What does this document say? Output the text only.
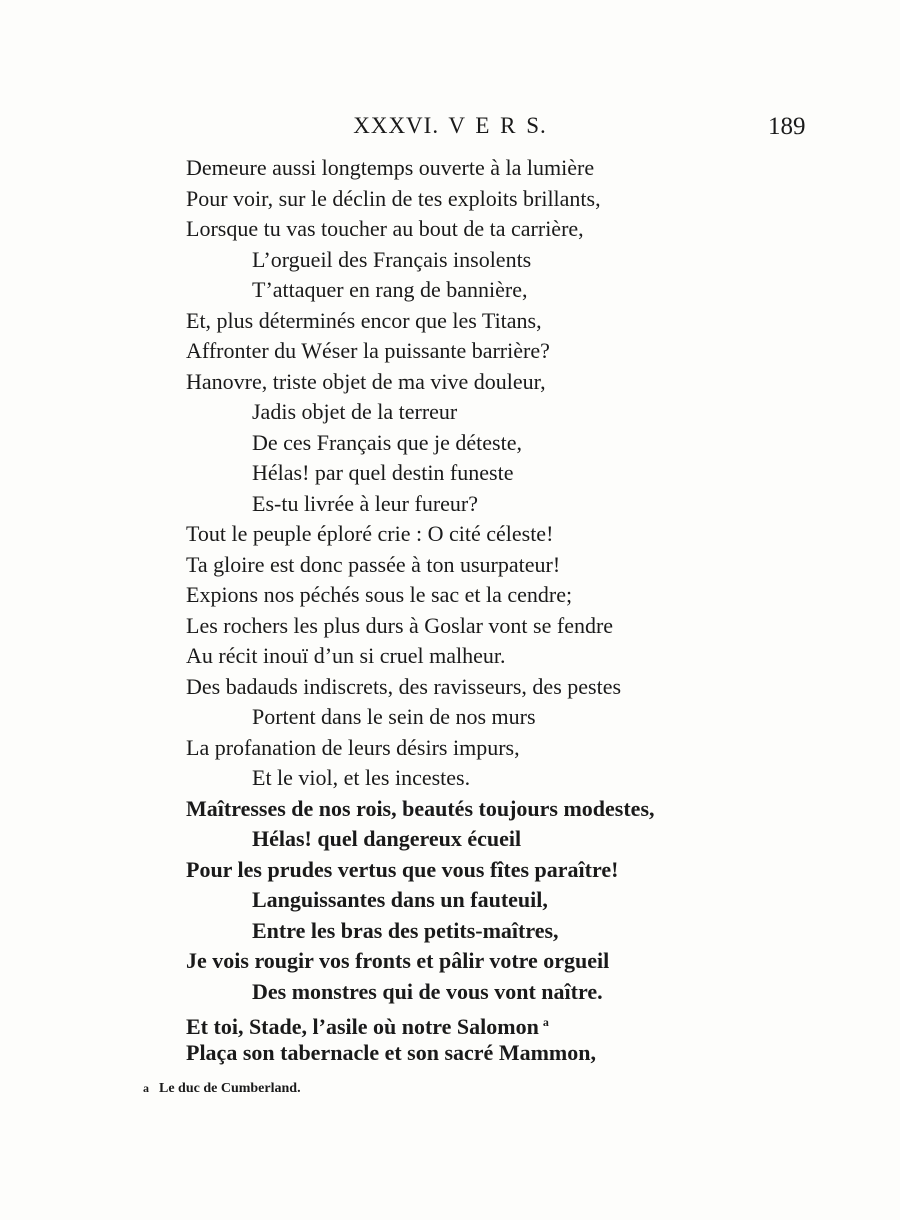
XXXVI. V E R S.	189
Demeure aussi longtemps ouverte à la lumière
Pour voir, sur le déclin de tes exploits brillants,
Lorsque tu vas toucher au bout de ta carrière,
L’orgueil des Français insolents
T’attaquer en rang de bannière,
Et, plus déterminés encor que les Titans,
Affronter du Wéser la puissante barrière?
Hanovre, triste objet de ma vive douleur,
Jadis objet de la terreur
De ces Français que je déteste,
Hélas! par quel destin funeste
Es-tu livrée à leur fureur?
Tout le peuple éploré crie : O cité céleste!
Ta gloire est donc passée à ton usurpateur!
Expions nos péchés sous le sac et la cendre;
Les rochers les plus durs à Goslar vont se fendre
Au récit inouï d’un si cruel malheur.
Des badauds indiscrets, des ravisseurs, des pestes
Portent dans le sein de nos murs
La profanation de leurs désirs impurs,
Et le viol, et les incestes.
Maîtresses de nos rois, beautés toujours modestes,
Hélas! quel dangereux écueil
Pour les prudes vertus que vous fîtes paraître!
Languissantes dans un fauteuil,
Entre les bras des petits-maîtres,
Je vois rougir vos fronts et pâlir votre orgueil
Des monstres qui de vous vont naître.
Et toi, Stade, l’asile où notre Salomon $^a$
Plaça son tabernacle et son sacré Mammon,
a Le duc de Cumberland.
